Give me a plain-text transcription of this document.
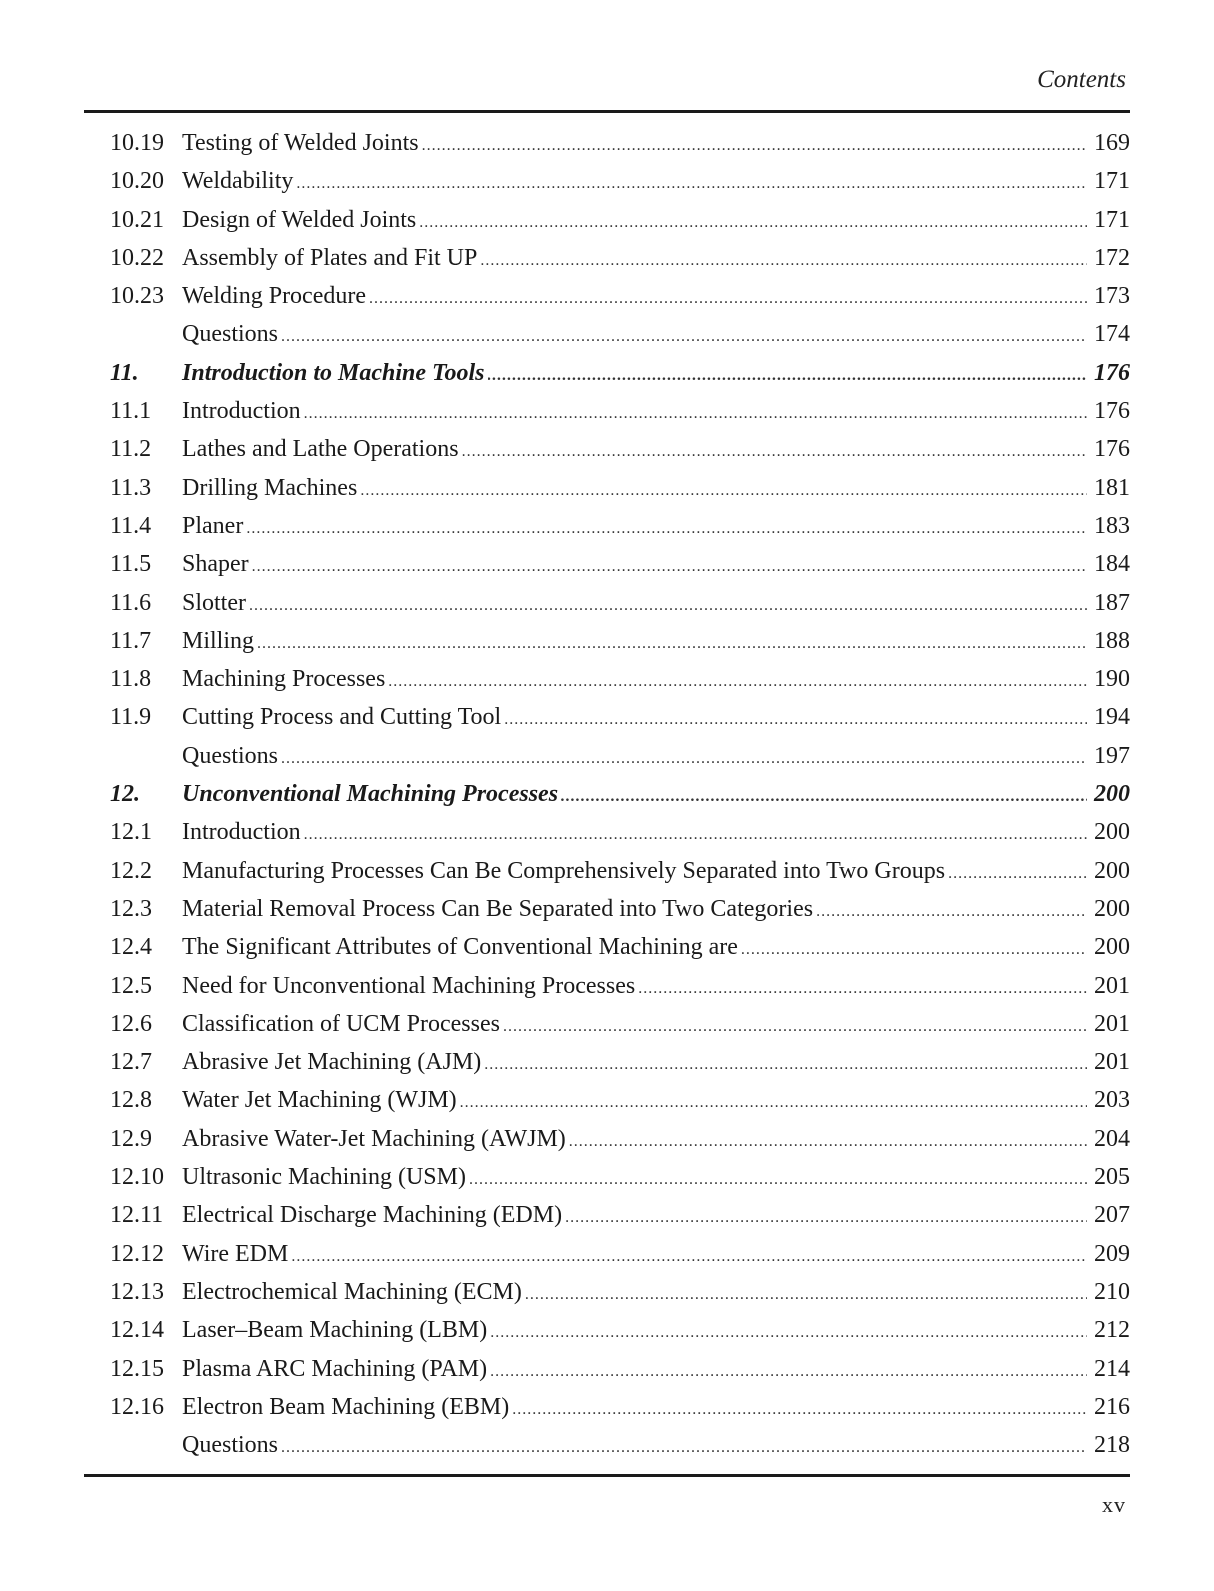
Contents
10.19 Testing of Welded Joints .....	169
10.20 Weldability .....	171
10.21 Design of Welded Joints .....	171
10.22 Assembly of Plates and Fit UP .....	172
10.23 Welding Procedure .....	173
Questions .....	174
11.	Introduction to Machine Tools .....	176
11.1	Introduction .....	176
11.2	Lathes and Lathe Operations .....	176
11.3	Drilling Machines .....	181
11.4	Planer .....	183
11.5	Shaper .....	184
11.6	Slotter .....	187
11.7	Milling .....	188
11.8	Machining Processes .....	190
11.9	Cutting Process and Cutting Tool .....	194
Questions .....	197
12.	Unconventional Machining Processes .....	200
12.1	Introduction .....	200
12.2	Manufacturing Processes Can Be Comprehensively Separated into Two Groups .....	200
12.3	Material Removal Process Can Be Separated into Two Categories .....	200
12.4	The Significant Attributes of Conventional Machining are .....	200
12.5	Need for Unconventional Machining Processes .....	201
12.6	Classification of UCM Processes .....	201
12.7	Abrasive Jet Machining (AJM) .....	201
12.8	Water Jet Machining (WJM) .....	203
12.9	Abrasive Water-Jet Machining (AWJM) .....	204
12.10 Ultrasonic Machining (USM) .....	205
12.11 Electrical Discharge Machining (EDM) .....	207
12.12 Wire EDM .....	209
12.13 Electrochemical Machining (ECM) .....	210
12.14 Laser–Beam Machining (LBM) .....	212
12.15 Plasma ARC Machining (PAM) .....	214
12.16 Electron Beam Machining (EBM) .....	216
Questions .....	218
xv
